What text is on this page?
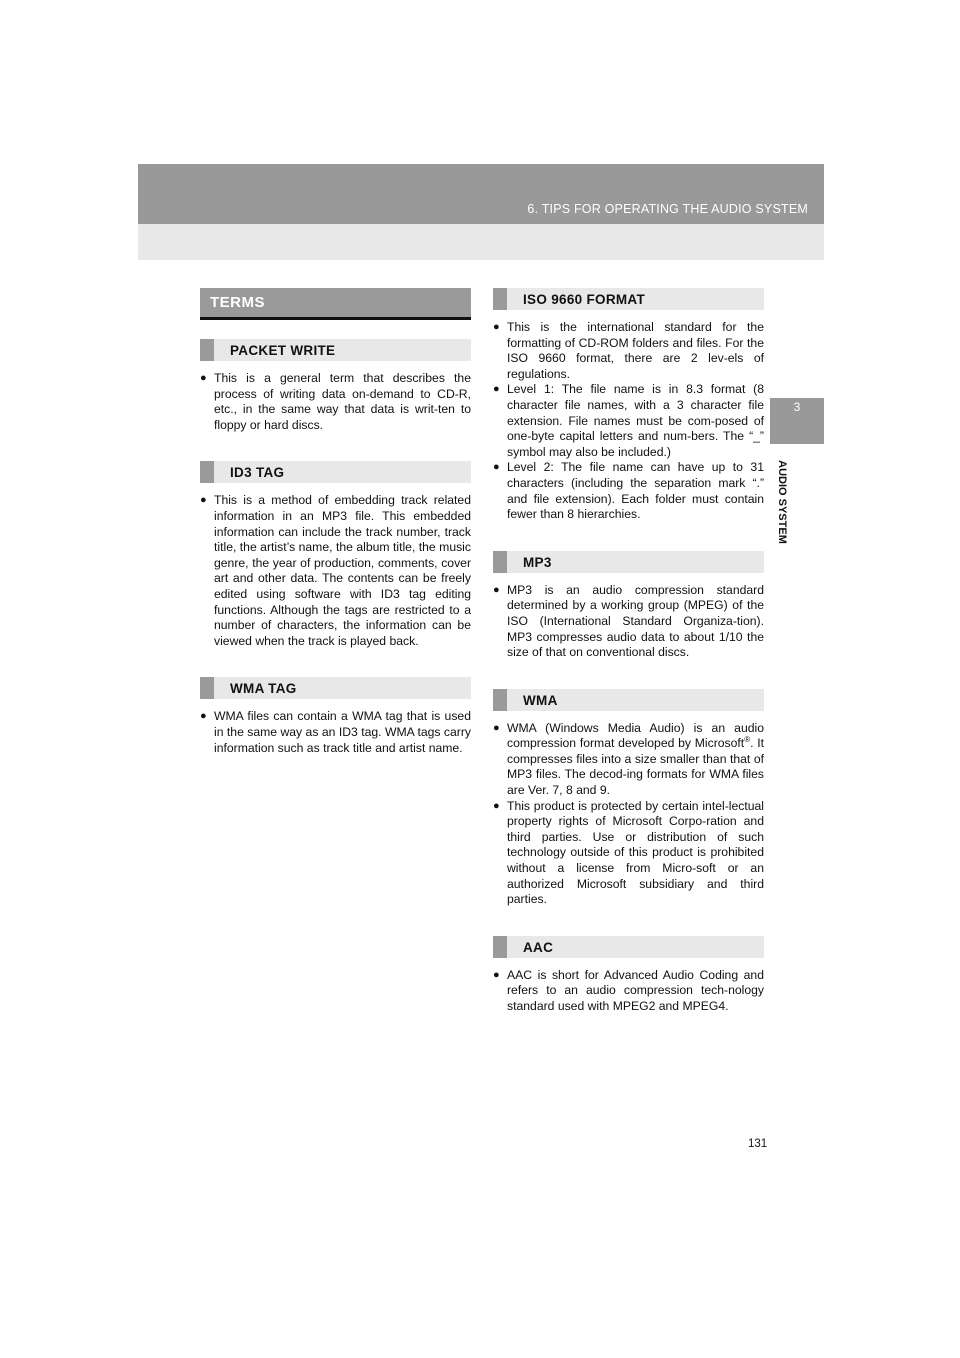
6. TIPS FOR OPERATING THE AUDIO SYSTEM
3
AUDIO SYSTEM
TERMS
PACKET WRITE
● This is a general term that describes the process of writing data on-demand to CD-R, etc., in the same way that data is writ-ten to floppy or hard discs.
ID3 TAG
● This is a method of embedding track related information in an MP3 file. This embedded information can include the track number, track title, the artist’s name, the album title, the music genre, the year of production, comments, cover art and other data. The contents can be freely edited using software with ID3 tag editing functions. Although the tags are restricted to a number of characters, the information can be viewed when the track is played back.
WMA TAG
● WMA files can contain a WMA tag that is used in the same way as an ID3 tag. WMA tags carry information such as track title and artist name.
ISO 9660 FORMAT
● This is the international standard for the formatting of CD-ROM folders and files. For the ISO 9660 format, there are 2 lev-els of regulations.
● Level 1: The file name is in 8.3 format (8 character file names, with a 3 character file extension. File names must be com-posed of one-byte capital letters and num-bers. The “_” symbol may also be included.)
● Level 2: The file name can have up to 31 characters (including the separation mark “.” and file extension). Each folder must contain fewer than 8 hierarchies.
MP3
● MP3 is an audio compression standard determined by a working group (MPEG) of the ISO (International Standard Organiza-tion). MP3 compresses audio data to about 1/10 the size of that on conventional discs.
WMA
● WMA (Windows Media Audio) is an audio compression format developed by Microsoft®. It compresses files into a size smaller than that of MP3 files. The decod-ing formats for WMA files are Ver. 7, 8 and 9.
● This product is protected by certain intel-lectual property rights of Microsoft Corpo-ration and third parties. Use or distribution of such technology outside of this product is prohibited without a license from Micro-soft or an authorized Microsoft subsidiary and third parties.
AAC
● AAC is short for Advanced Audio Coding and refers to an audio compression tech-nology standard used with MPEG2 and MPEG4.
131
